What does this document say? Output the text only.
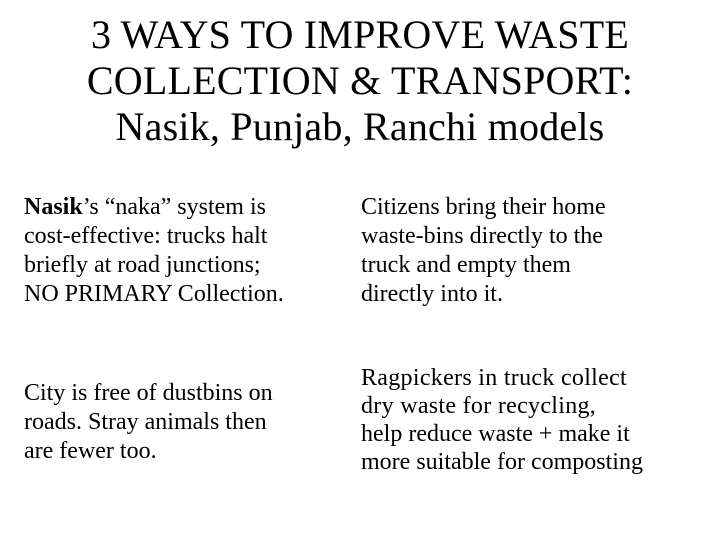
3 WAYS TO IMPROVE WASTE
COLLECTION & TRANSPORT:
Nasik, Punjab, Ranchi models
Nasik’s “naka” system is
cost-effective: trucks halt
briefly at road junctions;
NO PRIMARY Collection.
Citizens bring their home
waste-bins directly to the
truck and empty them
directly into it.
City is free of dustbins on
roads. Stray animals then
are fewer too.
Ragpickers in truck collect
dry waste for recycling,
help reduce waste + make it
more suitable for composting
